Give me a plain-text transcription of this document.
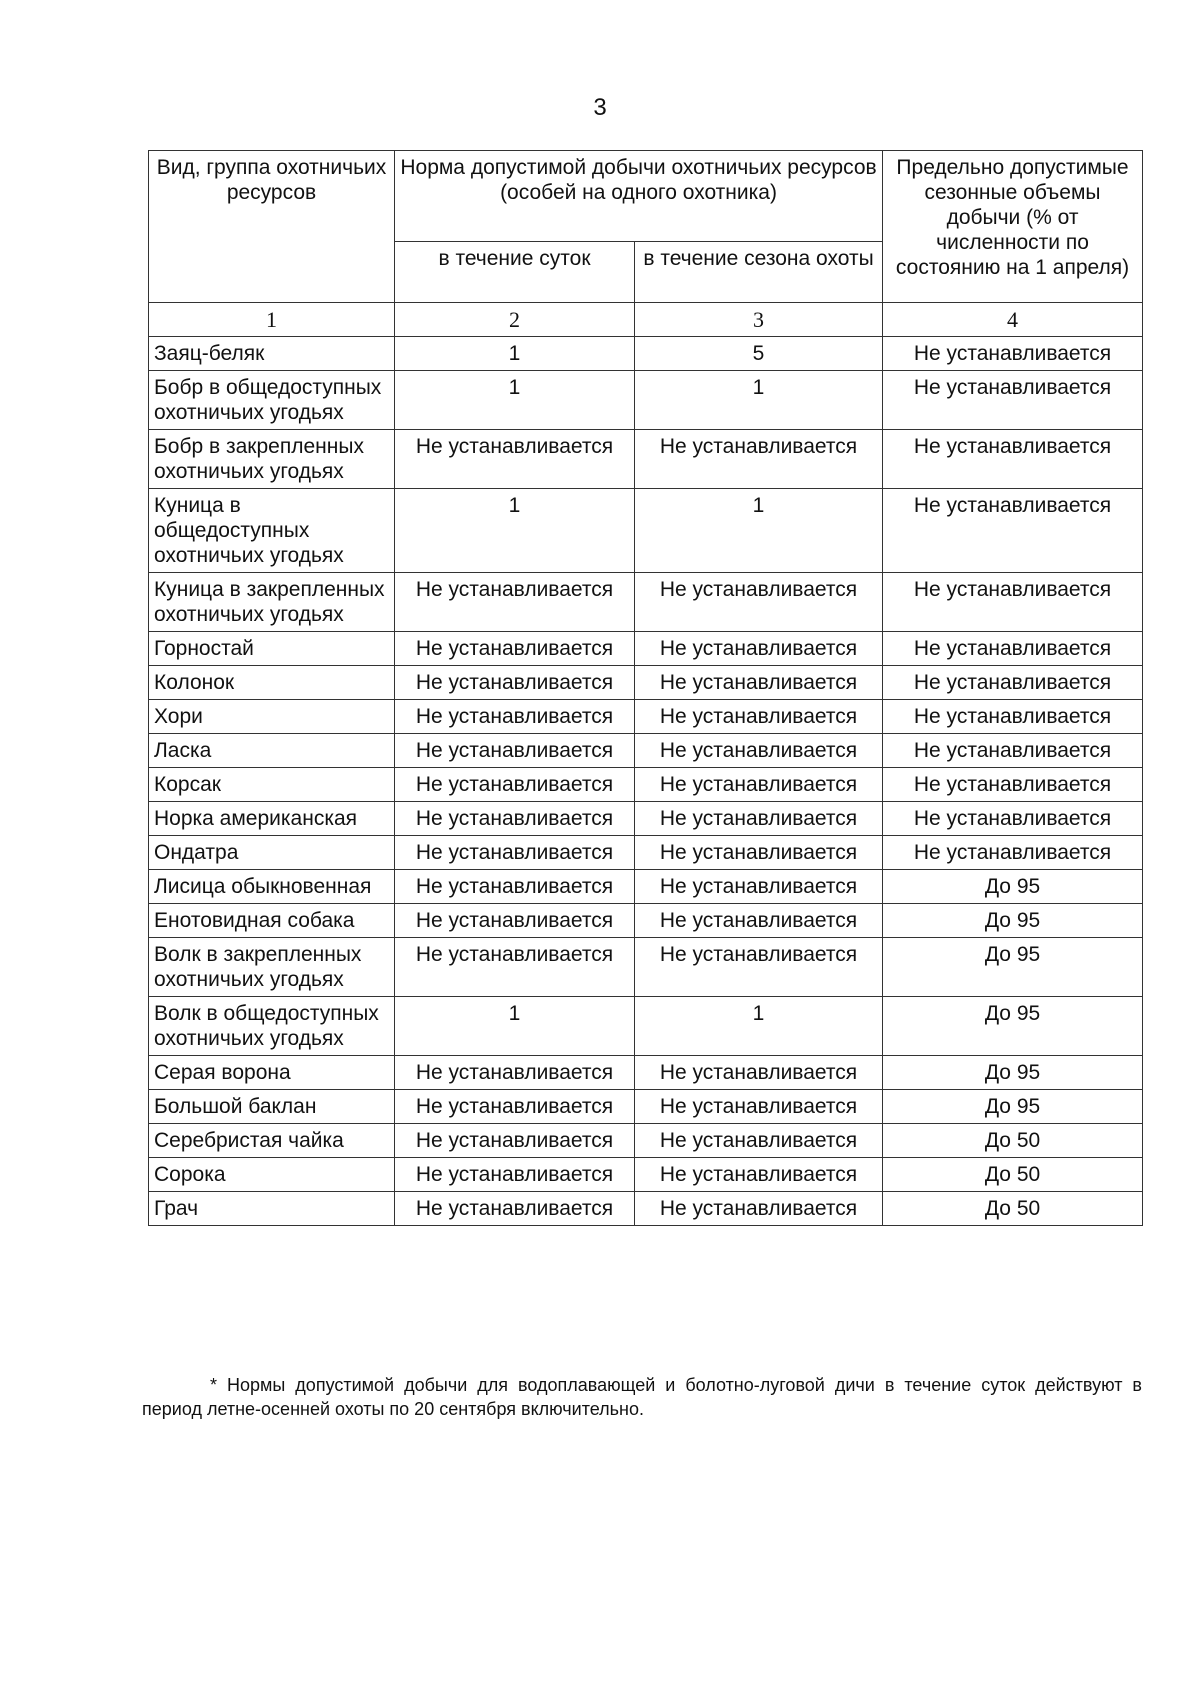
3
Вид, группа охотничьих ресурсов	Норма допустимой добычи охотничьих ресурсов (особей на одного охотника)		Предельно допустимые сезонные объемы добычи (% от численности по состоянию на 1 апреля)
	в течение суток	в течение сезона охоты	
1	2	3	4
Заяц-беляк	1	5	Не устанавливается
Бобр в общедоступных охотничьих угодьях	1	1	Не устанавливается
Бобр в закрепленных охотничьих угодьях	Не устанавливается	Не устанавливается	Не устанавливается
Куница в общедоступных охотничьих угодьях	1	1	Не устанавливается
Куница в закрепленных охотничьих угодьях	Не устанавливается	Не устанавливается	Не устанавливается
Горностай	Не устанавливается	Не устанавливается	Не устанавливается
Колонок	Не устанавливается	Не устанавливается	Не устанавливается
Хори	Не устанавливается	Не устанавливается	Не устанавливается
Ласка	Не устанавливается	Не устанавливается	Не устанавливается
Корсак	Не устанавливается	Не устанавливается	Не устанавливается
Норка американская	Не устанавливается	Не устанавливается	Не устанавливается
Ондатра	Не устанавливается	Не устанавливается	Не устанавливается
Лисица обыкновенная	Не устанавливается	Не устанавливается	До 95
Енотовидная собака	Не устанавливается	Не устанавливается	До 95
Волк в закрепленных охотничьих угодьях	Не устанавливается	Не устанавливается	До 95
Волк в общедоступных охотничьих угодьях	1	1	До 95
Серая ворона	Не устанавливается	Не устанавливается	До 95
Большой баклан	Не устанавливается	Не устанавливается	До 95
Серебристая чайка	Не устанавливается	Не устанавливается	До 50
Сорока	Не устанавливается	Не устанавливается	До 50
Грач	Не устанавливается	Не устанавливается	До 50
* Нормы допустимой добычи для водоплавающей и болотно-луговой дичи в течение суток действуют в период летне-осенней охоты по 20 сентября включительно.
